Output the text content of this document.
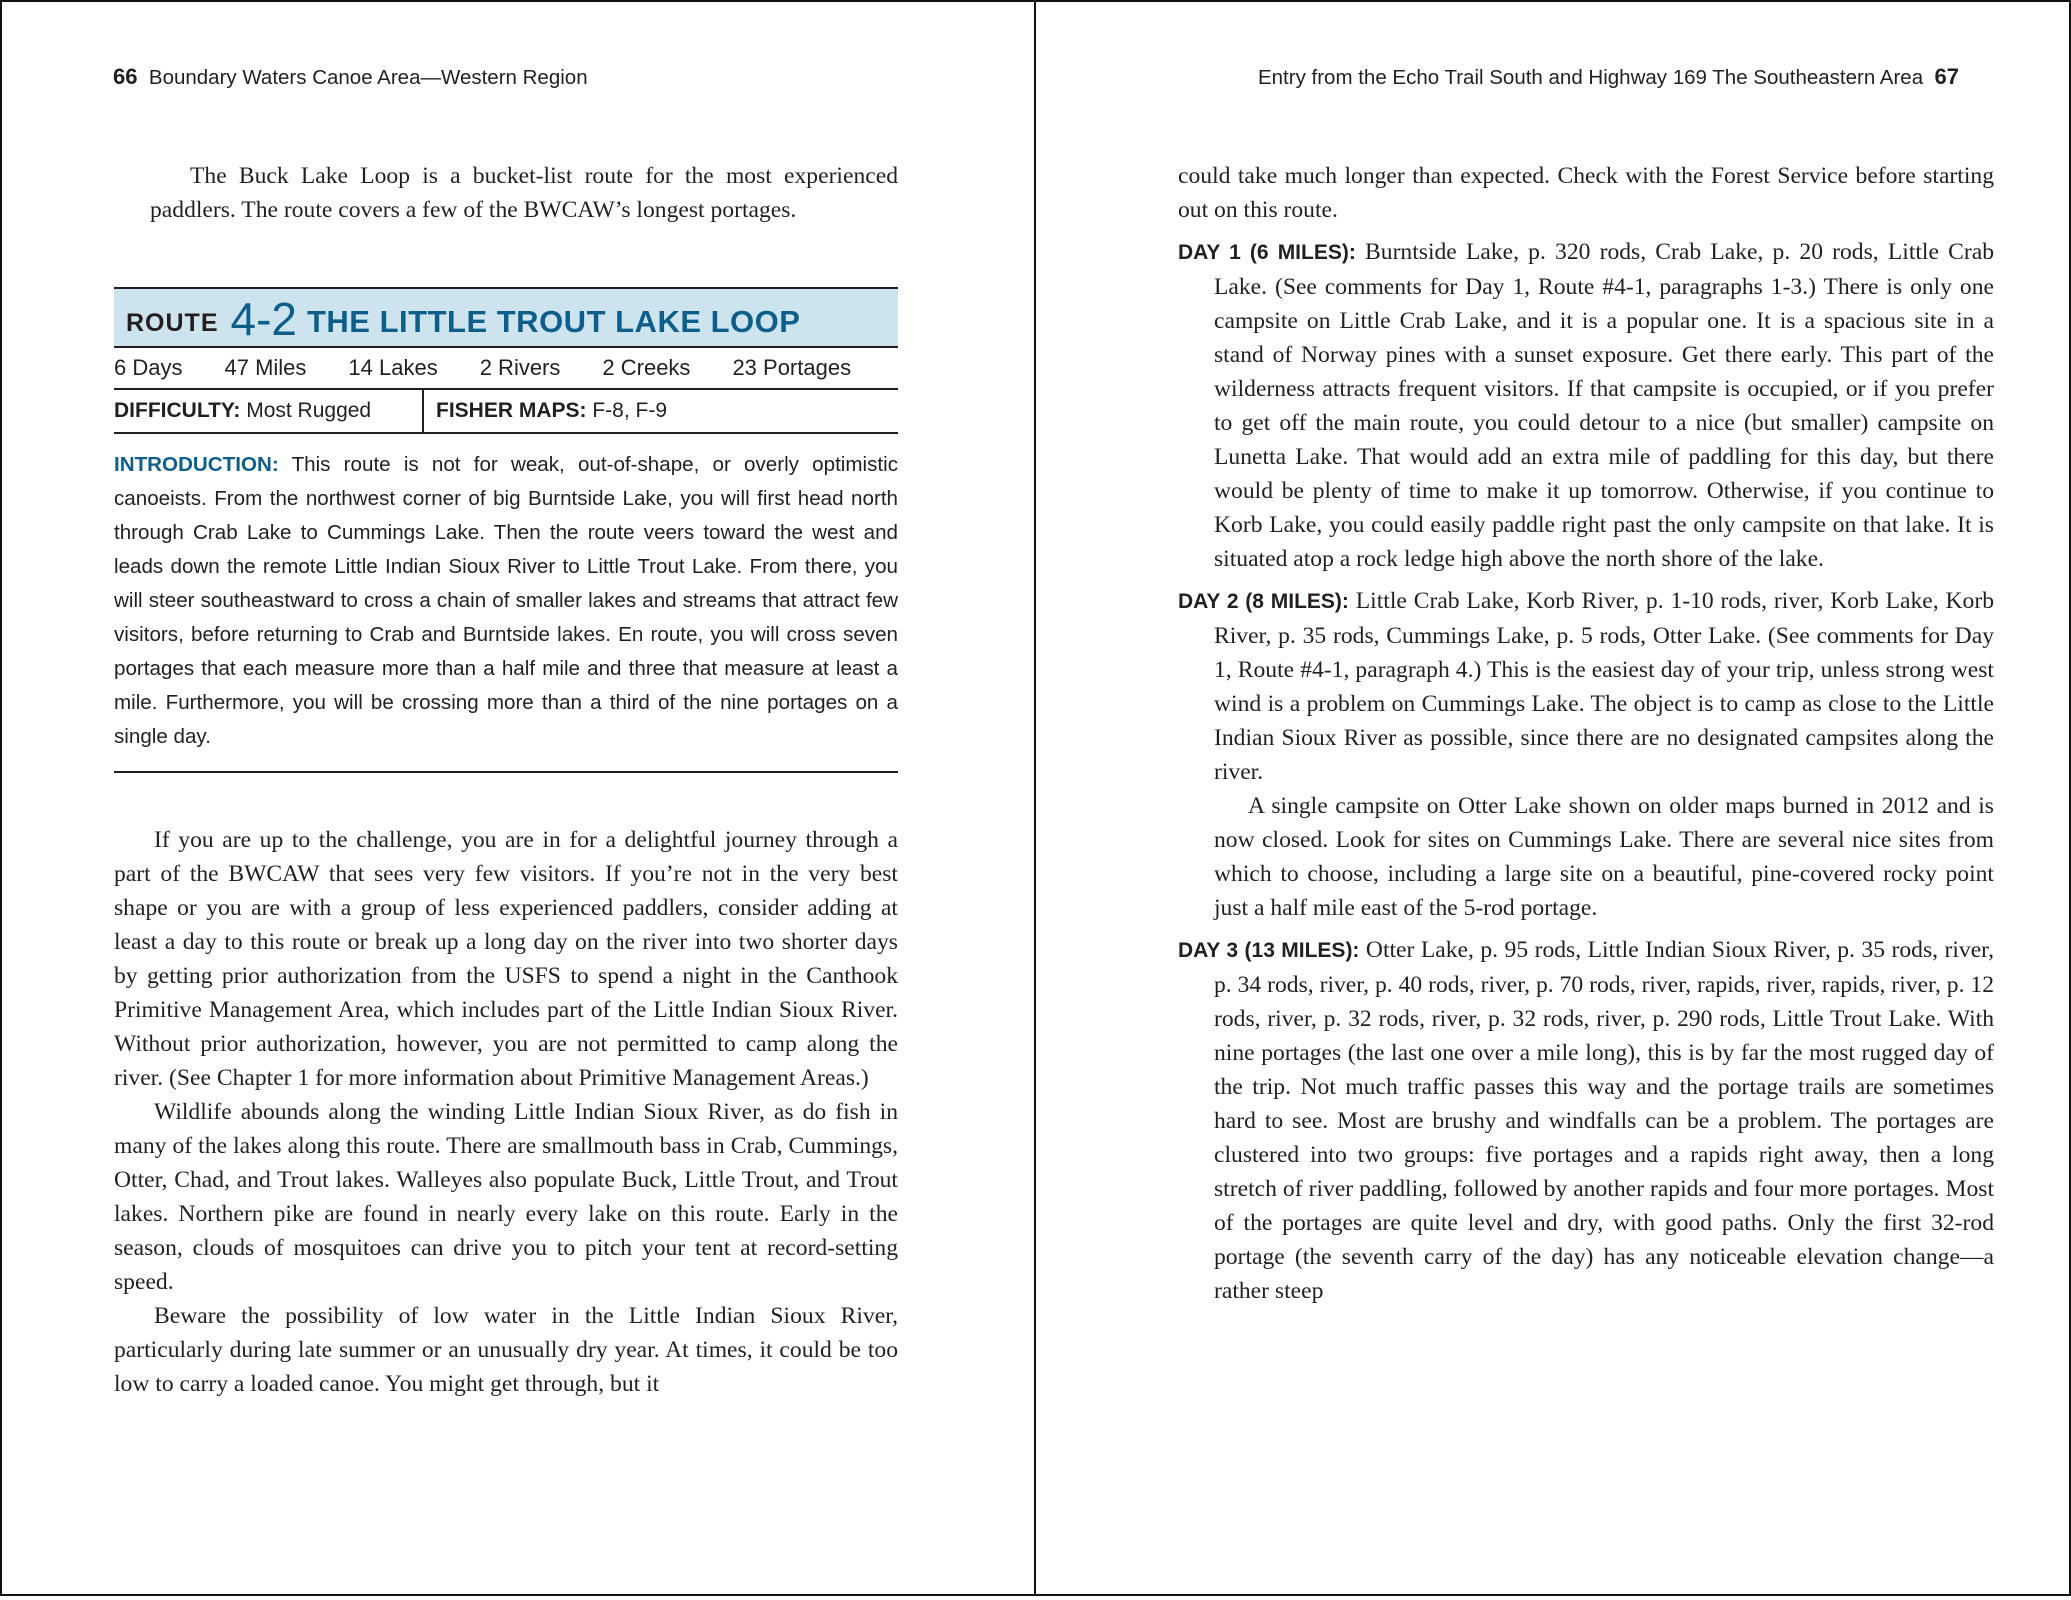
66 Boundary Waters Canoe Area—Western Region

The Buck Lake Loop is a bucket-list route for the most experienced paddlers. The route covers a few of the BWCAW’s longest portages.

ROUTE 4-2 THE LITTLE TROUT LAKE LOOP
6 Days 47 Miles 14 Lakes 2 Rivers 2 Creeks 23 Portages
DIFFICULTY: Most Rugged	FISHER MAPS: F-8, F-9

INTRODUCTION: This route is not for weak, out-of-shape, or overly optimistic canoeists. From the northwest corner of big Burntside Lake, you will first head north through Crab Lake to Cummings Lake. Then the route veers toward the west and leads down the remote Little Indian Sioux River to Little Trout Lake. From there, you will steer southeastward to cross a chain of smaller lakes and streams that attract few visitors, before returning to Crab and Burntside lakes. En route, you will cross seven portages that each measure more than a half mile and three that measure at least a mile. Furthermore, you will be crossing more than a third of the nine portages on a single day.

If you are up to the challenge, you are in for a delightful journey through a part of the BWCAW that sees very few visitors. If you’re not in the very best shape or you are with a group of less experienced paddlers, consider adding at least a day to this route or break up a long day on the river into two shorter days by getting prior authorization from the USFS to spend a night in the Canthook Primitive Management Area, which includes part of the Little Indian Sioux River. Without prior authorization, however, you are not permitted to camp along the river. (See Chapter 1 for more information about Primitive Management Areas.)

Wildlife abounds along the winding Little Indian Sioux River, as do fish in many of the lakes along this route. There are smallmouth bass in Crab, Cummings, Otter, Chad, and Trout lakes. Walleyes also populate Buck, Little Trout, and Trout lakes. Northern pike are found in nearly every lake on this route. Early in the season, clouds of mosquitoes can drive you to pitch your tent at record-setting speed.

Beware the possibility of low water in the Little Indian Sioux River, particularly during late summer or an unusually dry year. At times, it could be too low to carry a loaded canoe. You might get through, but it

Entry from the Echo Trail South and Highway 169 The Southeastern Area 67

could take much longer than expected. Check with the Forest Service before starting out on this route.

DAY 1 (6 MILES): Burntside Lake, p. 320 rods, Crab Lake, p. 20 rods, Little Crab Lake. (See comments for Day 1, Route #4-1, paragraphs 1-3.) There is only one campsite on Little Crab Lake, and it is a popular one. It is a spacious site in a stand of Norway pines with a sunset exposure. Get there early. This part of the wilderness attracts frequent visitors. If that campsite is occupied, or if you prefer to get off the main route, you could detour to a nice (but smaller) campsite on Lunetta Lake. That would add an extra mile of paddling for this day, but there would be plenty of time to make it up tomorrow. Otherwise, if you continue to Korb Lake, you could easily paddle right past the only campsite on that lake. It is situated atop a rock ledge high above the north shore of the lake.

DAY 2 (8 MILES): Little Crab Lake, Korb River, p. 1-10 rods, river, Korb Lake, Korb River, p. 35 rods, Cummings Lake, p. 5 rods, Otter Lake. (See comments for Day 1, Route #4-1, paragraph 4.) This is the easiest day of your trip, unless strong west wind is a problem on Cummings Lake. The object is to camp as close to the Little Indian Sioux River as possible, since there are no designated campsites along the river.

A single campsite on Otter Lake shown on older maps burned in 2012 and is now closed. Look for sites on Cummings Lake. There are several nice sites from which to choose, including a large site on a beautiful, pine-covered rocky point just a half mile east of the 5-rod portage.

DAY 3 (13 MILES): Otter Lake, p. 95 rods, Little Indian Sioux River, p. 35 rods, river, p. 34 rods, river, p. 40 rods, river, p. 70 rods, river, rapids, river, rapids, river, p. 12 rods, river, p. 32 rods, river, p. 32 rods, river, p. 290 rods, Little Trout Lake. With nine portages (the last one over a mile long), this is by far the most rugged day of the trip. Not much traffic passes this way and the portage trails are sometimes hard to see. Most are brushy and windfalls can be a problem. The portages are clustered into two groups: five portages and a rapids right away, then a long stretch of river paddling, followed by another rapids and four more portages. Most of the portages are quite level and dry, with good paths. Only the first 32-rod portage (the seventh carry of the day) has any noticeable elevation change—a rather steep
